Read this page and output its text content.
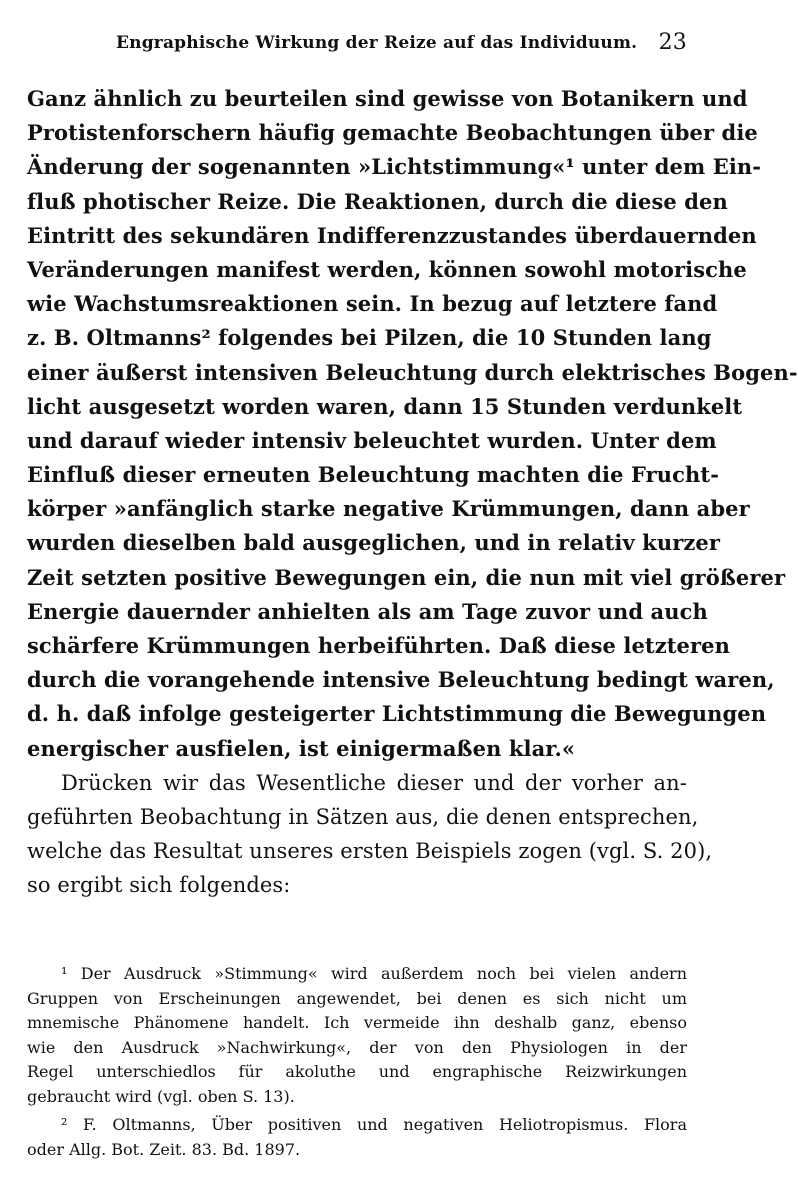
Engraphische Wirkung der Reize auf das Individuum. 23
Ganz ähnlich zu beurteilen sind gewisse von Botanikern und
Protistenforschern häufig gemachte Beobachtungen über die
Änderung der sogenannten »Lichtstimmung«¹ unter dem Ein-
fluß photischer Reize. Die Reaktionen, durch die diese den
Eintritt des sekundären Indifferenzzustandes überdauernden
Veränderungen manifest werden, können sowohl motorische
wie Wachstumsreaktionen sein. In bezug auf letztere fand
z. B. Oltmanns² folgendes bei Pilzen, die 10 Stunden lang
einer äußerst intensiven Beleuchtung durch elektrisches Bogen-
licht ausgesetzt worden waren, dann 15 Stunden verdunkelt
und darauf wieder intensiv beleuchtet wurden. Unter dem
Einfluß dieser erneuten Beleuchtung machten die Frucht-
körper »anfänglich starke negative Krümmungen, dann aber
wurden dieselben bald ausgeglichen, und in relativ kurzer
Zeit setzten positive Bewegungen ein, die nun mit viel größerer
Energie dauernder anhielten als am Tage zuvor und auch
schärfere Krümmungen herbeiführten. Daß diese letzteren
durch die vorangehende intensive Beleuchtung bedingt waren,
d. h. daß infolge gesteigerter Lichtstimmung die Bewegungen
energischer ausfielen, ist einigermaßen klar.«
Drücken wir das Wesentliche dieser und der vorher an-
geführten Beobachtung in Sätzen aus, die denen entsprechen,
welche das Resultat unseres ersten Beispiels zogen (vgl. S. 20),
so ergibt sich folgendes:
¹ Der Ausdruck »Stimmung« wird außerdem noch bei vielen andern
Gruppen von Erscheinungen angewendet, bei denen es sich nicht um
mnemische Phänomene handelt. Ich vermeide ihn deshalb ganz, ebenso
wie den Ausdruck »Nachwirkung«, der von den Physiologen in der
Regel unterschiedlos für akoluthe und engraphische Reizwirkungen
gebraucht wird (vgl. oben S. 13).
² F. Oltmanns, Über positiven und negativen Heliotropismus. Flora
oder Allg. Bot. Zeit. 83. Bd. 1897.
